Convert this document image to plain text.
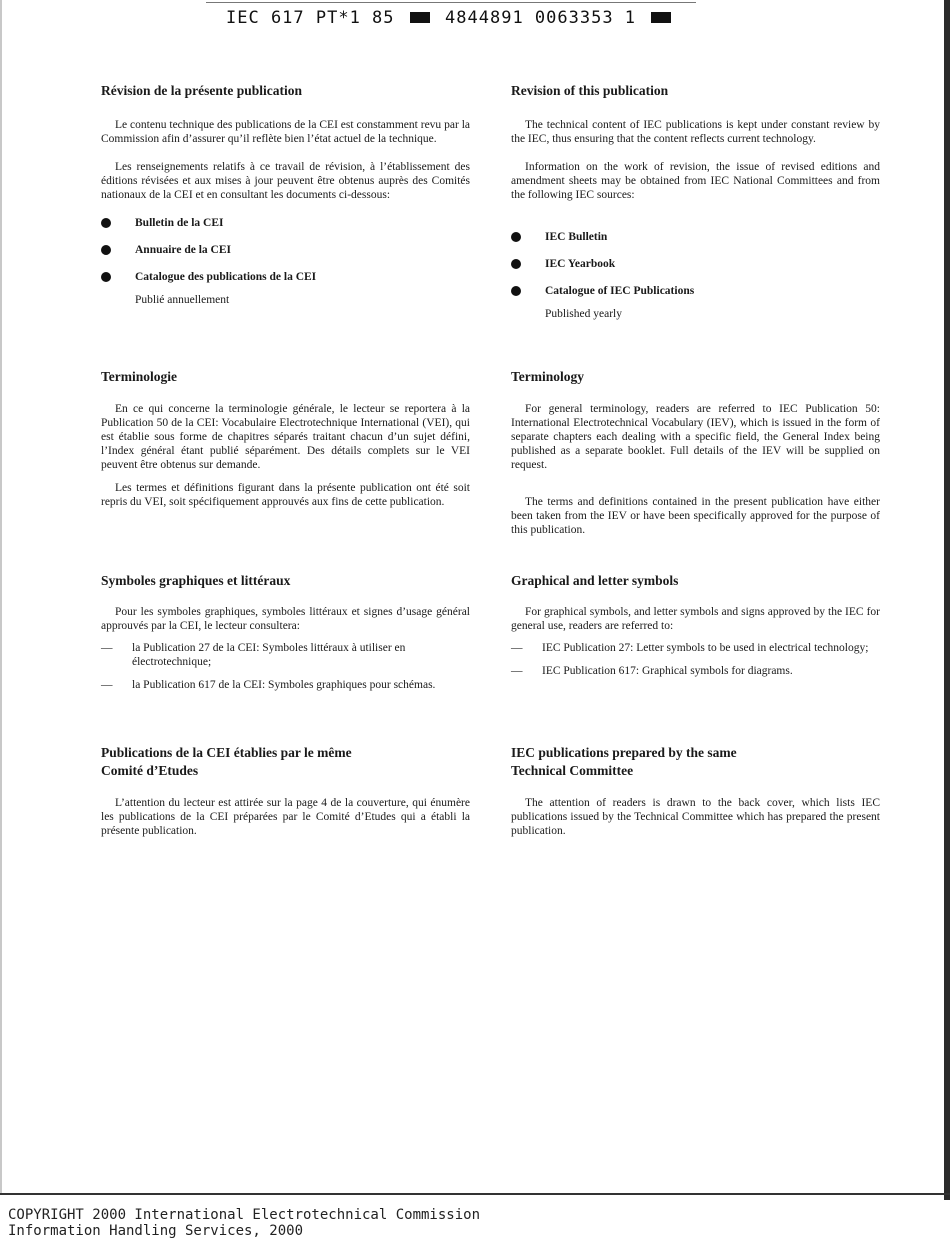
IEC 617 PT*1 85	4844891 0063353 1
Révision de la présente publication

Le contenu technique des publications de la CEI est constamment revu par la Commission afin d’assurer qu’il reflète bien l’état actuel de la technique.

Les renseignements relatifs à ce travail de révision, à l’établissement des éditions révisées et aux mises à jour peuvent être obtenus auprès des Comités nationaux de la CEI et en consultant les documents ci-dessous:

Bulletin de la CEI
Annuaire de la CEI
Catalogue des publications de la CEI
Publié annuellement
Terminologie

En ce qui concerne la terminologie générale, le lecteur se reportera à la Publication 50 de la CEI: Vocabulaire Electrotechnique International (VEI), qui est établie sous forme de chapitres séparés traitant chacun d’un sujet défini, l’Index général étant publié séparément. Des détails complets sur le VEI peuvent être obtenus sur demande.

Les termes et définitions figurant dans la présente publication ont été soit repris du VEI, soit spécifiquement approuvés aux fins de cette publication.

Symboles graphiques et littéraux

Pour les symboles graphiques, symboles littéraux et signes d’usage général approuvés par la CEI, le lecteur consultera:

— la Publication 27 de la CEI: Symboles littéraux à utiliser en électrotechnique;
— la Publication 617 de la CEI: Symboles graphiques pour schémas.
Publications de la CEI établies par le même
Comité d’Etudes

L’attention du lecteur est attirée sur la page 4 de la couverture, qui énumère les publications de la CEI préparées par le Comité d’Etudes qui a établi la présente publication.

Revision of this publication

The technical content of IEC publications is kept under constant review by the IEC, thus ensuring that the content reflects current technology.

Information on the work of revision, the issue of revised editions and amendment sheets may be obtained from IEC National Committees and from the following IEC sources:

IEC Bulletin
IEC Yearbook
Catalogue of IEC Publications
Published yearly
Terminology

For general terminology, readers are referred to IEC Publication 50: International Electrotechnical Vocabulary (IEV), which is issued in the form of separate chapters each dealing with a specific field, the General Index being published as a separate booklet. Full details of the IEV will be supplied on request.

The terms and definitions contained in the present publication have either been taken from the IEV or have been specifically approved for the purpose of this publication.

Graphical and letter symbols

For graphical symbols, and letter symbols and signs approved by the IEC for general use, readers are referred to:

— IEC Publication 27: Letter symbols to be used in electrical technology;
— IEC Publication 617: Graphical symbols for diagrams.
IEC publications prepared by the same
Technical Committee

The attention of readers is drawn to the back cover, which lists IEC publications issued by the Technical Committee which has prepared the present publication.

COPYRIGHT 2000 International Electrotechnical Commission
Information Handling Services, 2000
